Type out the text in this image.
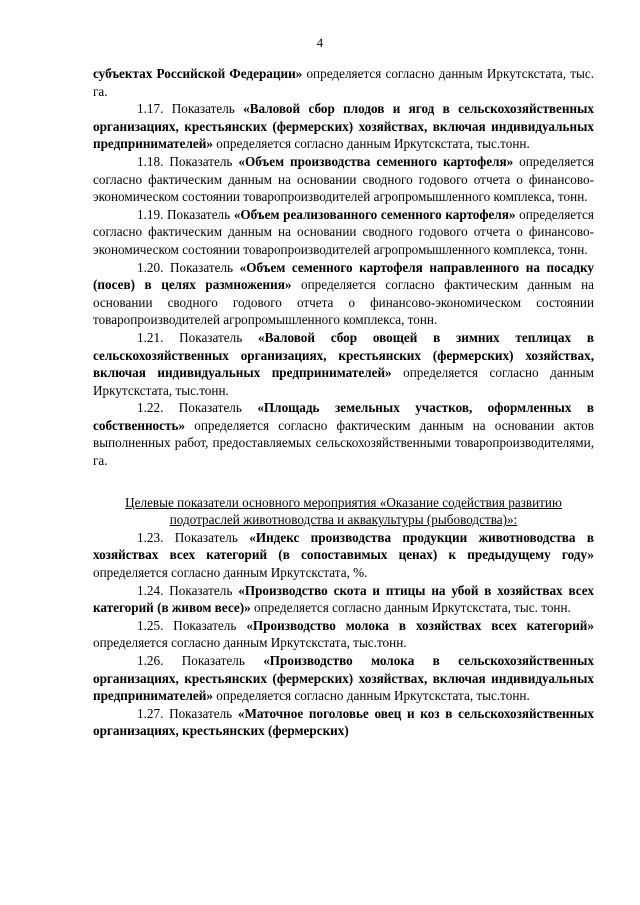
4

субъектах Российской Федерации» определяется согласно данным Иркутскстата, тыс. га.

1.17. Показатель «Валовой сбор плодов и ягод в сельскохозяйственных организациях, крестьянских (фермерских) хозяйствах, включая индивидуальных предпринимателей» определяется согласно данным Иркутскстата, тыс.тонн.

1.18. Показатель «Объем производства семенного картофеля» определяется согласно фактическим данным на основании сводного годового отчета о финансово-экономическом состоянии товаропроизводителей агропромышленного комплекса, тонн.

1.19. Показатель «Объем реализованного семенного картофеля» определяется согласно фактическим данным на основании сводного годового отчета о финансово-экономическом состоянии товаропроизводителей агропромышленного комплекса, тонн.

1.20. Показатель «Объем семенного картофеля направленного на посадку (посев) в целях размножения» определяется согласно фактическим данным на основании сводного годового отчета о финансово-экономическом состоянии товаропроизводителей агропромышленного комплекса, тонн.

1.21. Показатель «Валовой сбор овощей в зимних теплицах в сельскохозяйственных организациях, крестьянских (фермерских) хозяйствах, включая индивидуальных предпринимателей» определяется согласно данным Иркутскстата, тыс.тонн.

1.22. Показатель «Площадь земельных участков, оформленных в собственность» определяется согласно фактическим данным на основании актов выполненных работ, предоставляемых сельскохозяйственными товаропроизводителями, га.

Целевые показатели основного мероприятия «Оказание содействия развитию подотраслей животноводства и аквакультуры (рыбоводства)»:

1.23. Показатель «Индекс производства продукции животноводства в хозяйствах всех категорий (в сопоставимых ценах) к предыдущему году» определяется согласно данным Иркутскстата, %.

1.24. Показатель «Производство скота и птицы на убой в хозяйствах всех категорий (в живом весе)» определяется согласно данным Иркутскстата, тыс. тонн.

1.25. Показатель «Производство молока в хозяйствах всех категорий» определяется согласно данным Иркутскстата, тыс.тонн.

1.26. Показатель «Производство молока в сельскохозяйственных организациях, крестьянских (фермерских) хозяйствах, включая индивидуальных предпринимателей» определяется согласно данным Иркутскстата, тыс.тонн.

1.27. Показатель «Маточное поголовье овец и коз в сельскохозяйственных организациях, крестьянских (фермерских)
